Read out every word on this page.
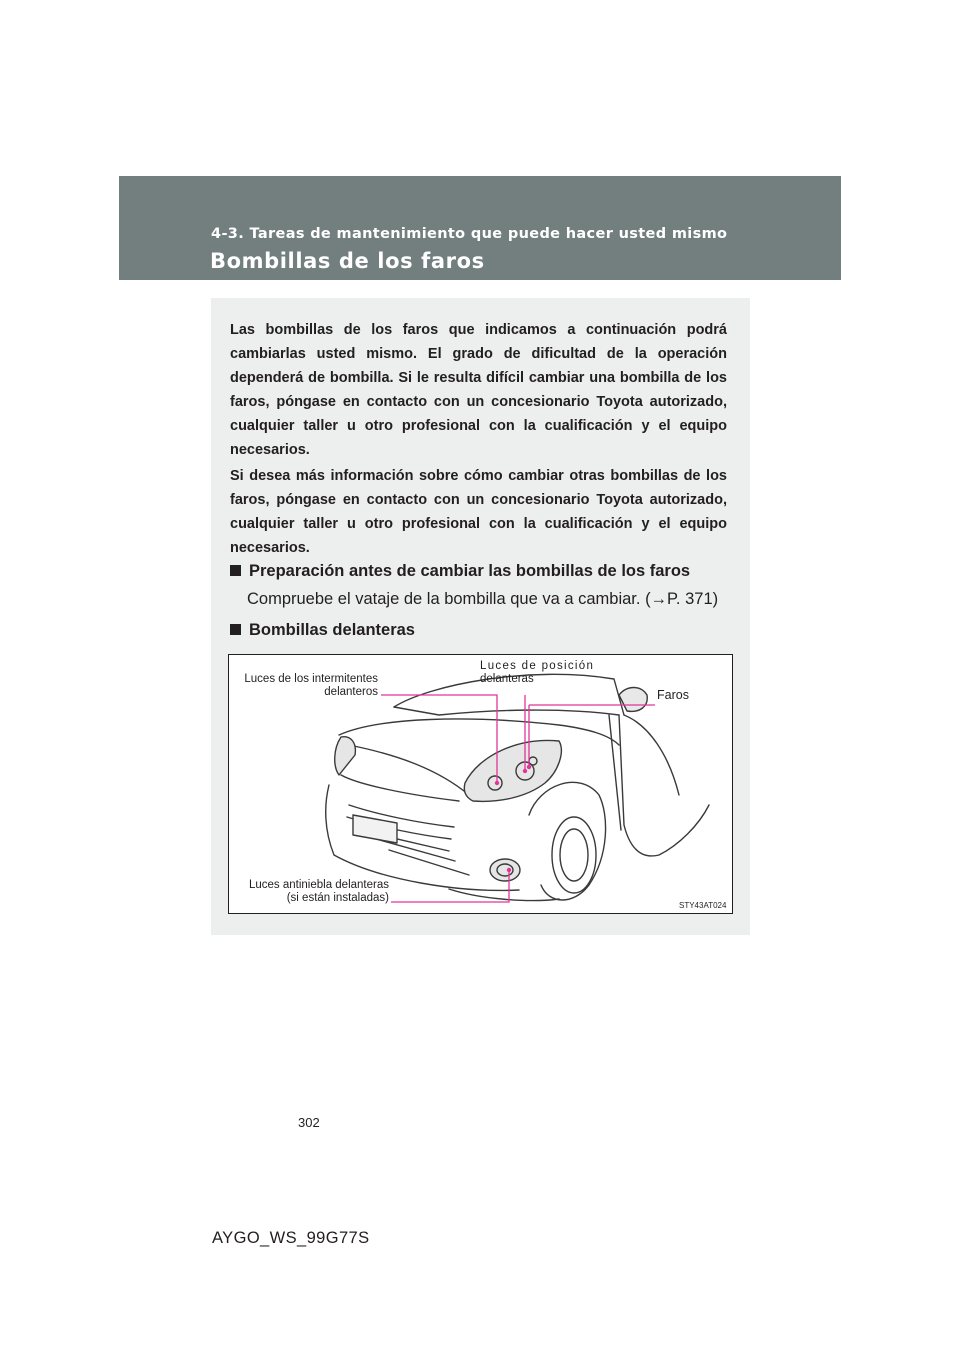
4-3. Tareas de mantenimiento que puede hacer usted mismo
Bombillas de los faros

Las bombillas de los faros que indicamos a continuación podrá cambiarlas usted mismo. El grado de dificultad de la operación dependerá de bombilla. Si le resulta difícil cambiar una bombilla de los faros, póngase en contacto con un concesionario Toyota autorizado, cualquier taller u otro profesional con la cualificación y el equipo necesarios.

Si desea más información sobre cómo cambiar otras bombillas de los faros, póngase en contacto con un concesionario Toyota autorizado, cualquier taller u otro profesional con la cualificación y el equipo necesarios.

Preparación antes de cambiar las bombillas de los faros
Compruebe el vataje de la bombilla que va a cambiar. (→P. 371)
Bombillas delanteras
Luces de los intermitentes
delanteros
Luces de posición
delanteras
Faros
Luces antiniebla delanteras
(si están instaladas)
STY43AT024
302
AYGO_WS_99G77S
